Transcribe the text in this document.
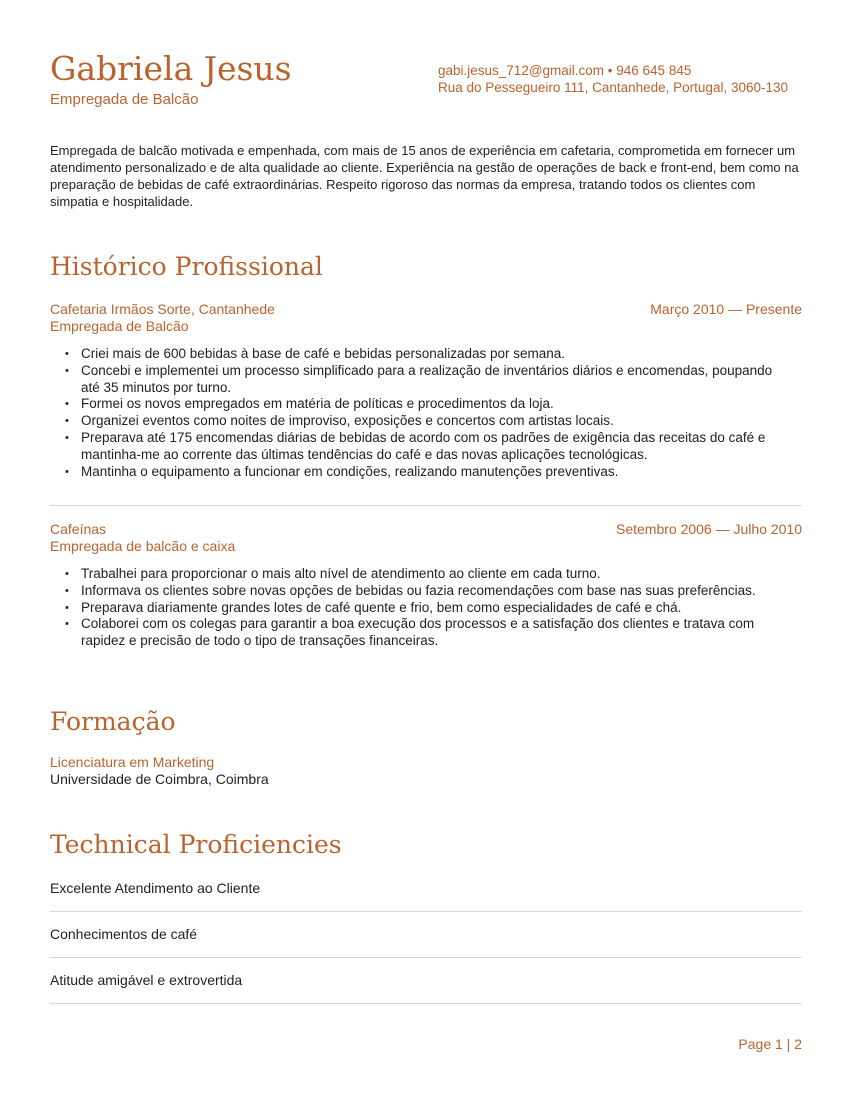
Gabriela Jesus
Empregada de Balcão
gabi.jesus_712@gmail.com • 946 645 845
Rua do Pessegueiro 111, Cantanhede, Portugal, 3060-130

Empregada de balcão motivada e empenhada, com mais de 15 anos de experiência em cafetaria, comprometida em fornecer um atendimento personalizado e de alta qualidade ao cliente. Experiência na gestão de operações de back e front-end, bem como na preparação de bebidas de café extraordinárias. Respeito rigoroso das normas da empresa, tratando todos os clientes com simpatia e hospitalidade.

Histórico Profissional
Cafetaria Irmãos Sorte, Cantanhede
Empregada de Balcão
Março 2010 — Presente
• Criei mais de 600 bebidas à base de café e bebidas personalizadas por semana.
• Concebi e implementei um processo simplificado para a realização de inventários diários e encomendas, poupando até 35 minutos por turno.
• Formei os novos empregados em matéria de políticas e procedimentos da loja.
• Organizei eventos como noites de improviso, exposições e concertos com artistas locais.
• Preparava até 175 encomendas diárias de bebidas de acordo com os padrões de exigência das receitas do café e mantinha-me ao corrente das últimas tendências do café e das novas aplicações tecnológicas.
• Mantinha o equipamento a funcionar em condições, realizando manutenções preventivas.
Cafeínas
Empregada de balcão e caixa
Setembro 2006 — Julho 2010
• Trabalhei para proporcionar o mais alto nível de atendimento ao cliente em cada turno.
• Informava os clientes sobre novas opções de bebidas ou fazia recomendações com base nas suas preferências.
• Preparava diariamente grandes lotes de café quente e frio, bem como especialidades de café e chá.
• Colaborei com os colegas para garantir a boa execução dos processos e a satisfação dos clientes e tratava com rapidez e precisão de todo o tipo de transações financeiras.
Formação
Licenciatura em Marketing
Universidade de Coimbra, Coimbra
Technical Proficiencies
Excelente Atendimento ao Cliente
Conhecimentos de café
Atitude amigável e extrovertida
Page 1 | 2
